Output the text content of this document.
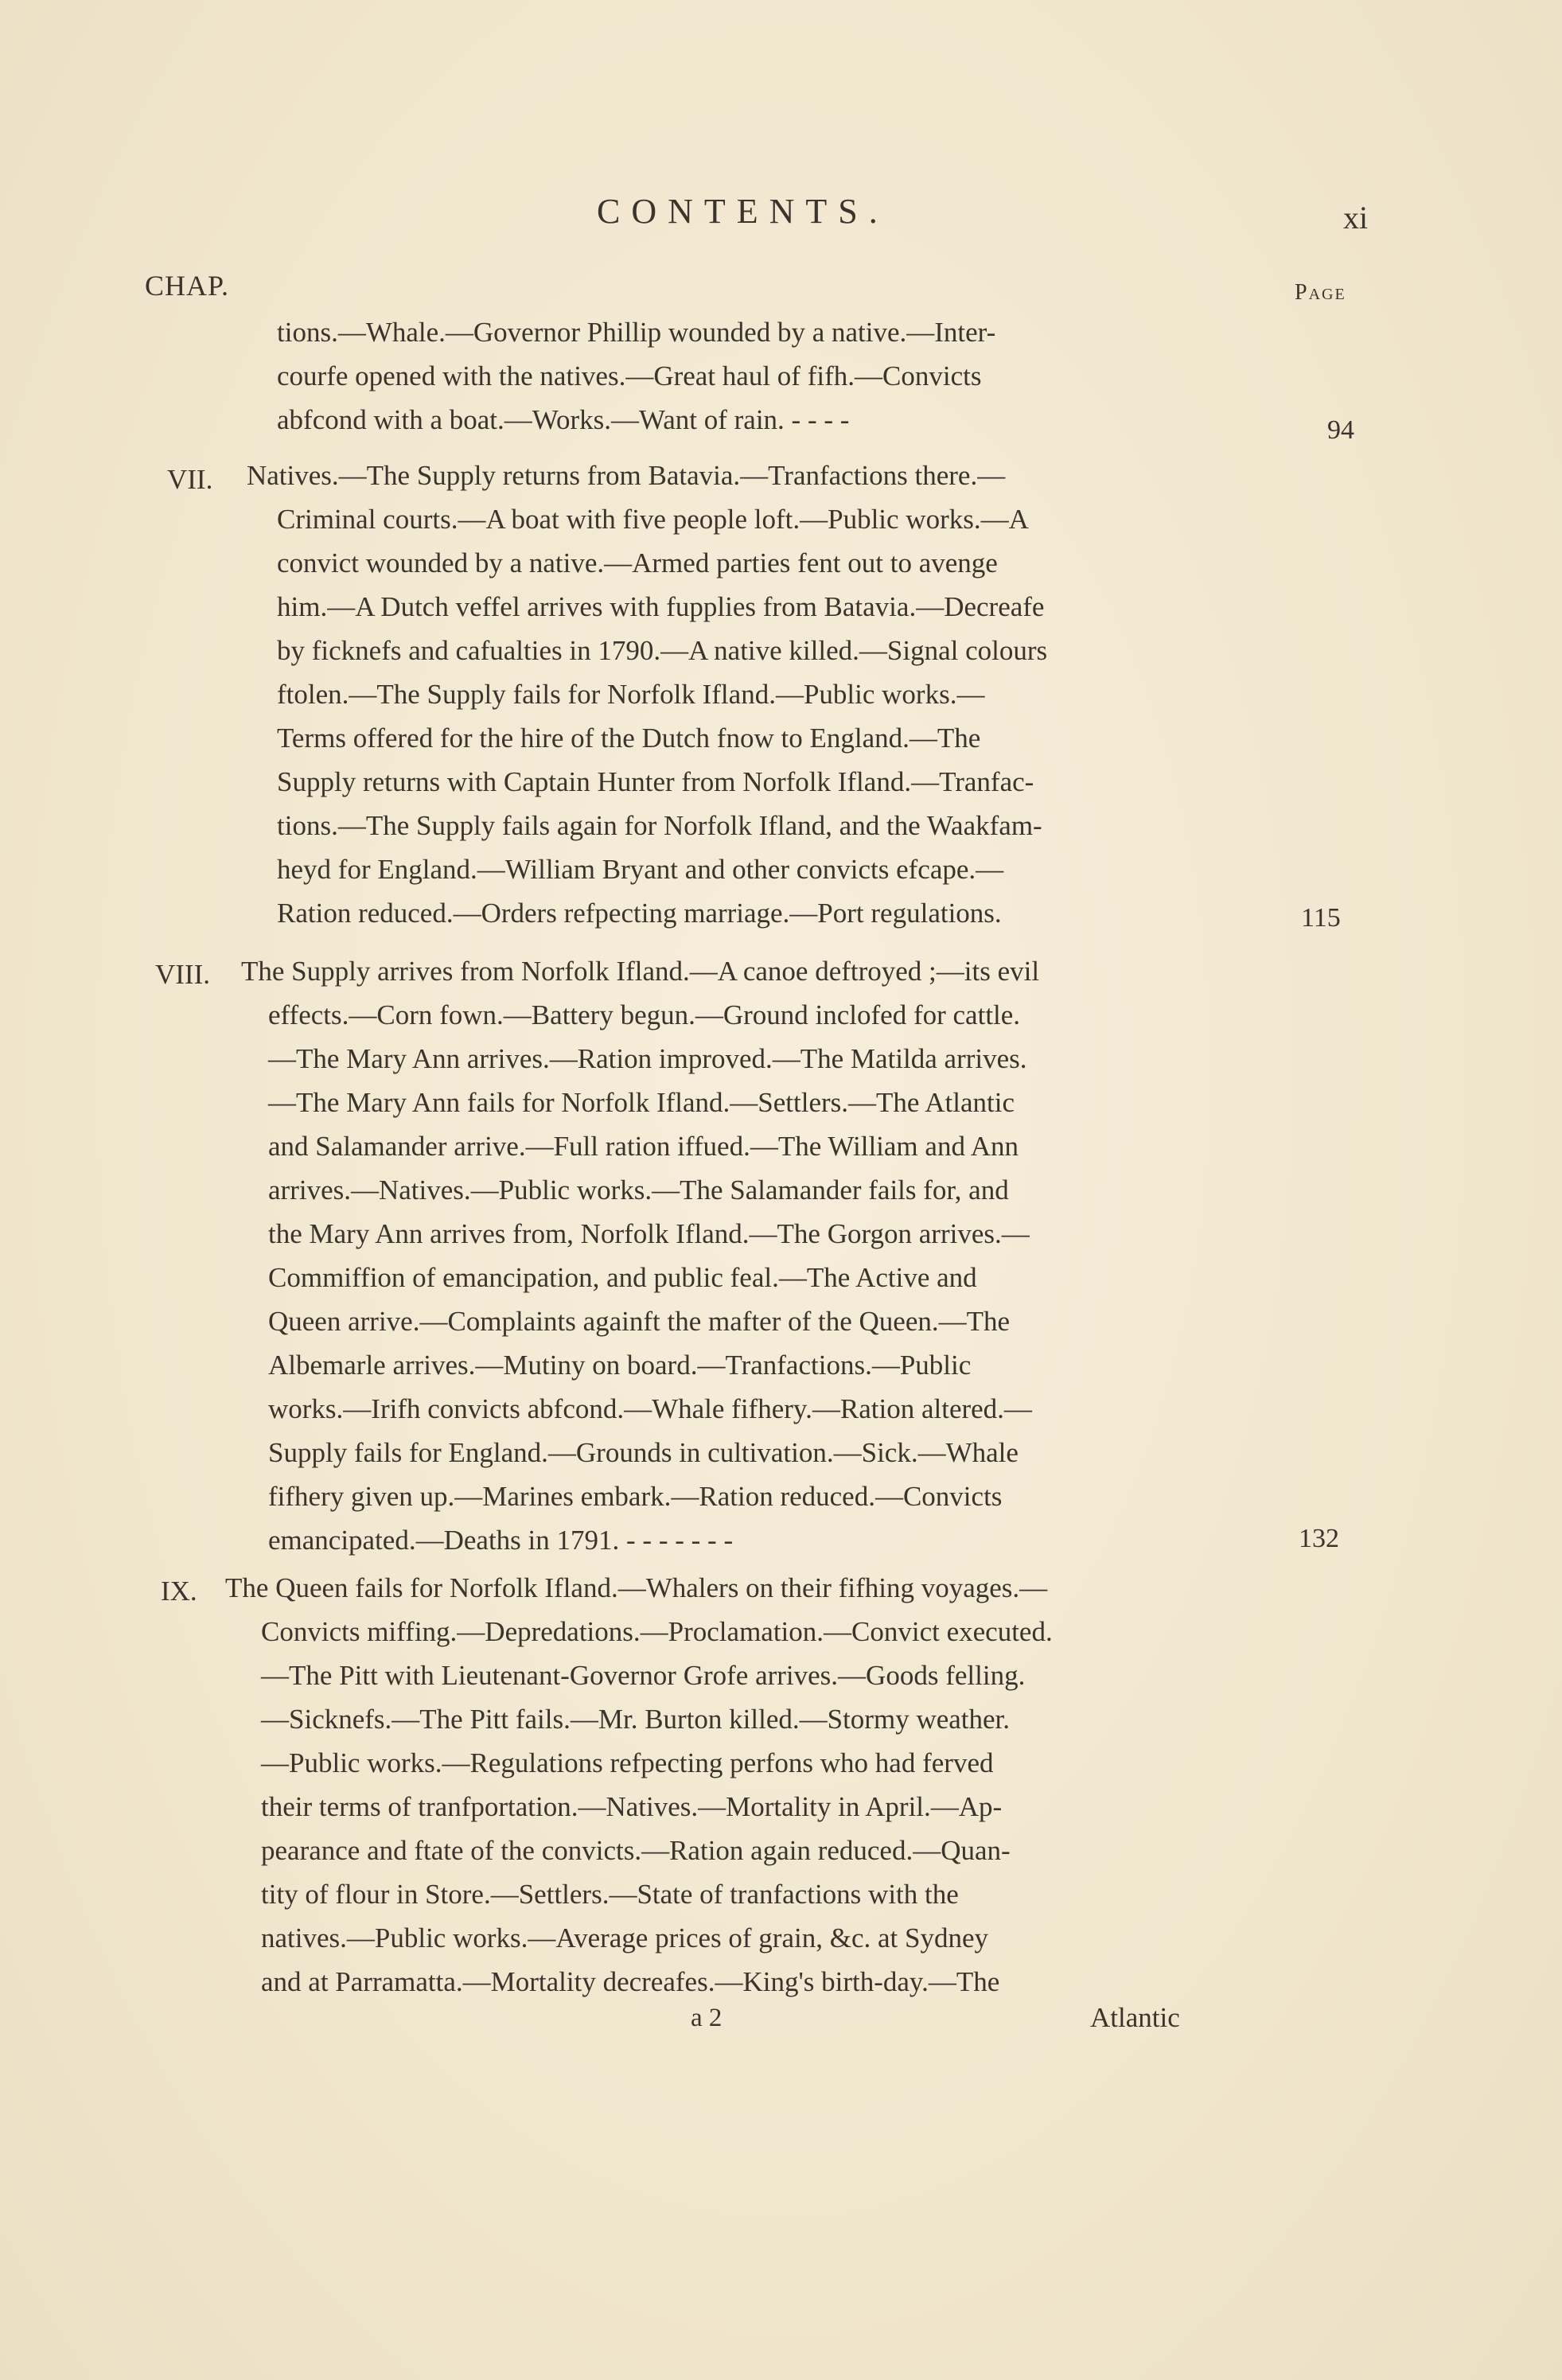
CONTENTS.	xi
CHAP.	Page
tions.—Whale.—Governor Phillip wounded by a native.—Inter-
courfe opened with the natives.—Great haul of fifh.—Convicts
abfcond with a boat.—Works.—Want of rain. - - - -	94
VII. Natives.—The Supply returns from Batavia.—Tranfactions there.—
Criminal courts.—A boat with five people loft.—Public works.—A
convict wounded by a native.—Armed parties fent out to avenge
him.—A Dutch veffel arrives with fupplies from Batavia.—Decreafe
by ficknefs and cafualties in 1790.—A native killed.—Signal colours
ftolen.—The Supply fails for Norfolk Ifland.—Public works.—
Terms offered for the hire of the Dutch fnow to England.—The
Supply returns with Captain Hunter from Norfolk Ifland.—Tranfac-
tions.—The Supply fails again for Norfolk Ifland, and the Waakfam-
heyd for England.—William Bryant and other convicts efcape.—
Ration reduced.—Orders refpecting marriage.—Port regulations.	115
VIII. The Supply arrives from Norfolk Ifland.—A canoe deftroyed ;—its evil
effects.—Corn fown.—Battery begun.—Ground inclofed for cattle.
—The Mary Ann arrives.—Ration improved.—The Matilda arrives.
—The Mary Ann fails for Norfolk Ifland.—Settlers.—The Atlantic
and Salamander arrive.—Full ration iffued.—The William and Ann
arrives.—Natives.—Public works.—The Salamander fails for, and
the Mary Ann arrives from, Norfolk Ifland.—The Gorgon arrives.—
Commiffion of emancipation, and public feal.—The Active and
Queen arrive.—Complaints againft the mafter of the Queen.—The
Albemarle arrives.—Mutiny on board.—Tranfactions.—Public
works.—Irifh convicts abfcond.—Whale fifhery.—Ration altered.—
Supply fails for England.—Grounds in cultivation.—Sick.—Whale
fifhery given up.—Marines embark.—Ration reduced.—Convicts
emancipated.—Deaths in 1791. - - - - - - -	132
IX. The Queen fails for Norfolk Ifland.—Whalers on their fifhing voyages.—
Convicts miffing.—Depredations.—Proclamation.—Convict executed.
—The Pitt with Lieutenant-Governor Grofe arrives.—Goods felling.
—Sicknefs.—The Pitt fails.—Mr. Burton killed.—Stormy weather.
—Public works.—Regulations refpecting perfons who had ferved
their terms of tranfportation.—Natives.—Mortality in April.—Ap-
pearance and ftate of the convicts.—Ration again reduced.—Quan-
tity of flour in Store.—Settlers.—State of tranfactions with the
natives.—Public works.—Average prices of grain, &c. at Sydney
and at Parramatta.—Mortality decreafes.—King's birth-day.—The
a 2	Atlantic
